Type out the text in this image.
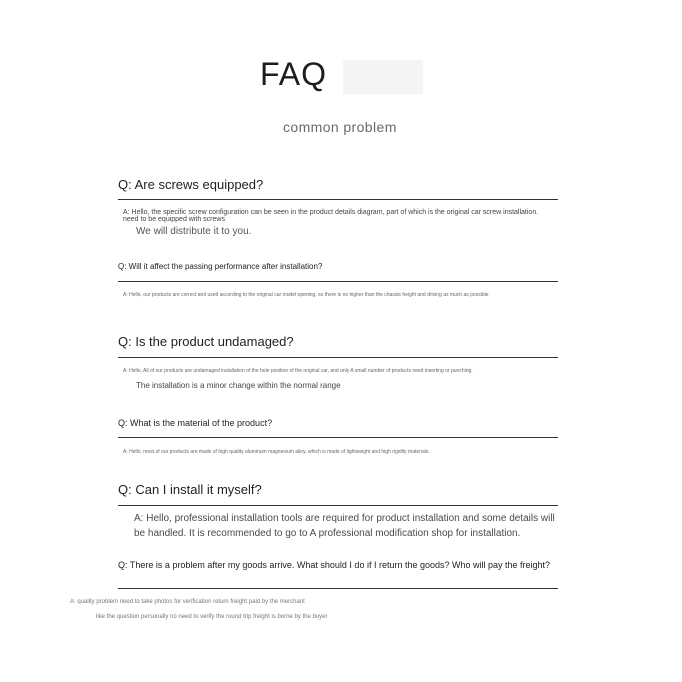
FAQ
common problem
Q: Are screws equipped?
A: Hello, the specific screw configuration can be seen in the product details diagram, part of which is the original car screw installation.
need to be equipped with screws
We will distribute it to you.
Q: Will it affect the passing performance after installation?
A: Hello, our products are correct and used according to the original car model opening, so there is no higher than the chassis height and driving as much as possible
Q: Is the product undamaged?
A: Hello, All of our products are undamaged installation of the hole position of the original car, and only A small number of products need inserting or punching.
The installation is a minor change within the normal range
Q: What is the material of the product?
A: Hello, most of our products are made of high quality aluminum magnesium alloy, which is made of lightweight and high rigidity materials.
Q: Can I install it myself?
A: Hello, professional installation tools are required for product installation and some details will
be handled. It is recommended to go to A professional modification shop for installation.
Q: There is a problem after my goods arrive. What should I do if I return the goods? Who will pay the freight?
A: quality problem need to take photos for verification return freight paid by the merchant
like the question personally no need to verify the round trip freight is borne by the buyer
